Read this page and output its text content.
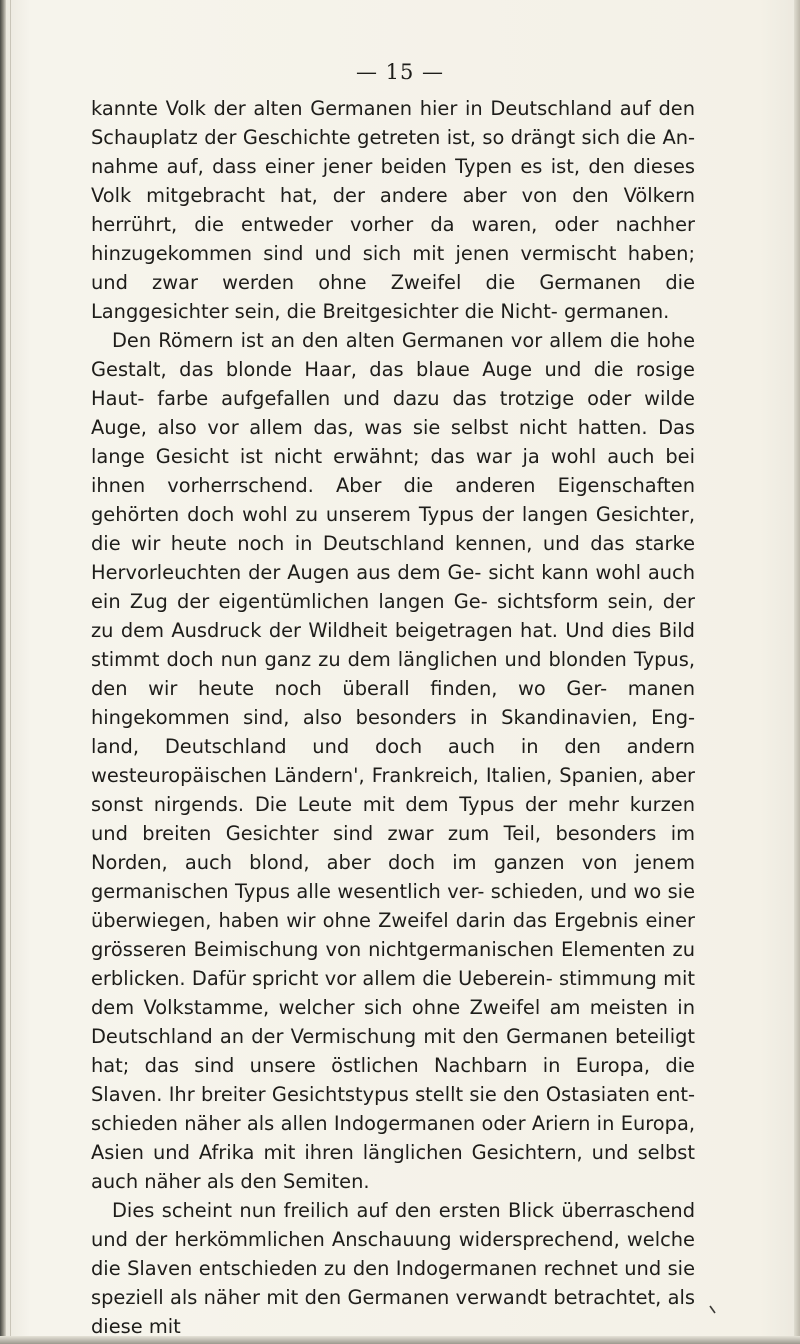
— 15 —

kannte Volk der alten Germanen hier in Deutschland auf den Schauplatz der Geschichte getreten ist, so drängt sich die An- nahme auf, dass einer jener beiden Typen es ist, den dieses Volk mitgebracht hat, der andere aber von den Völkern herrührt, die entweder vorher da waren, oder nachher hinzugekommen sind und sich mit jenen vermischt haben; und zwar werden ohne Zweifel die Germanen die Langgesichter sein, die Breitgesichter die Nicht- germanen.

Den Römern ist an den alten Germanen vor allem die hohe Gestalt, das blonde Haar, das blaue Auge und die rosige Haut- farbe aufgefallen und dazu das trotzige oder wilde Auge, also vor allem das, was sie selbst nicht hatten. Das lange Gesicht ist nicht erwähnt; das war ja wohl auch bei ihnen vorherrschend. Aber die anderen Eigenschaften gehörten doch wohl zu unserem Typus der langen Gesichter, die wir heute noch in Deutschland kennen, und das starke Hervorleuchten der Augen aus dem Ge- sicht kann wohl auch ein Zug der eigentümlichen langen Ge- sichtsform sein, der zu dem Ausdruck der Wildheit beigetragen hat. Und dies Bild stimmt doch nun ganz zu dem länglichen und blonden Typus, den wir heute noch überall finden, wo Ger- manen hingekommen sind, also besonders in Skandinavien, Eng- land, Deutschland und doch auch in den andern westeuropäischen Ländern', Frankreich, Italien, Spanien, aber sonst nirgends. Die Leute mit dem Typus der mehr kurzen und breiten Gesichter sind zwar zum Teil, besonders im Norden, auch blond, aber doch im ganzen von jenem germanischen Typus alle wesentlich ver- schieden, und wo sie überwiegen, haben wir ohne Zweifel darin das Ergebnis einer grösseren Beimischung von nichtgermanischen Elementen zu erblicken. Dafür spricht vor allem die Ueberein- stimmung mit dem Volkstamme, welcher sich ohne Zweifel am meisten in Deutschland an der Vermischung mit den Germanen beteiligt hat; das sind unsere östlichen Nachbarn in Europa, die Slaven. Ihr breiter Gesichtstypus stellt sie den Ostasiaten ent- schieden näher als allen Indogermanen oder Ariern in Europa, Asien und Afrika mit ihren länglichen Gesichtern, und selbst auch näher als den Semiten.

Dies scheint nun freilich auf den ersten Blick überraschend und der herkömmlichen Anschauung widersprechend, welche die Slaven entschieden zu den Indogermanen rechnet und sie speziell als näher mit den Germanen verwandt betrachtet, als diese mit
